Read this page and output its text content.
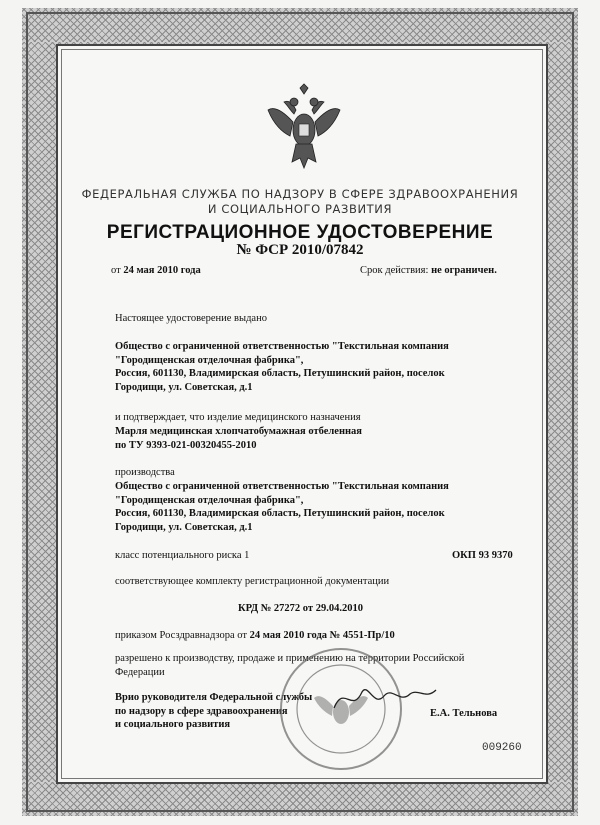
ФЕДЕРАЛЬНАЯ СЛУЖБА ПО НАДЗОРУ В СФЕРЕ ЗДРАВООХРАНЕНИЯ
И СОЦИАЛЬНОГО РАЗВИТИЯ
РЕГИСТРАЦИОННОЕ УДОСТОВЕРЕНИЕ
№ ФСР 2010/07842
от 24 мая 2010 года	Срок действия: не ограничен.
Настоящее удостоверение выдано
Общество с ограниченной ответственностью "Текстильная компания
"Городищенская отделочная фабрика",
Россия, 601130, Владимирская область, Петушинский район, поселок
Городищи, ул. Советская, д.1
и подтверждает, что изделие медицинского назначения
Марля медицинская хлопчатобумажная отбеленная
по ТУ 9393-021-00320455-2010
производства
Общество с ограниченной ответственностью "Текстильная компания
"Городищенская отделочная фабрика",
Россия, 601130, Владимирская область, Петушинский район, поселок
Городищи, ул. Советская, д.1
класс потенциального риска 1	ОКП 93 9370
соответствующее комплекту регистрационной документации
КРД № 27272 от 29.04.2010
приказом Росздравнадзора от 24 мая 2010 года № 4551-Пр/10
разрешено к производству, продаже и применению на территории Российской
Федерации
Врио руководителя Федеральной службы
по надзору в сфере здравоохранения
и социального развития
Е.А. Тельнова
009260
